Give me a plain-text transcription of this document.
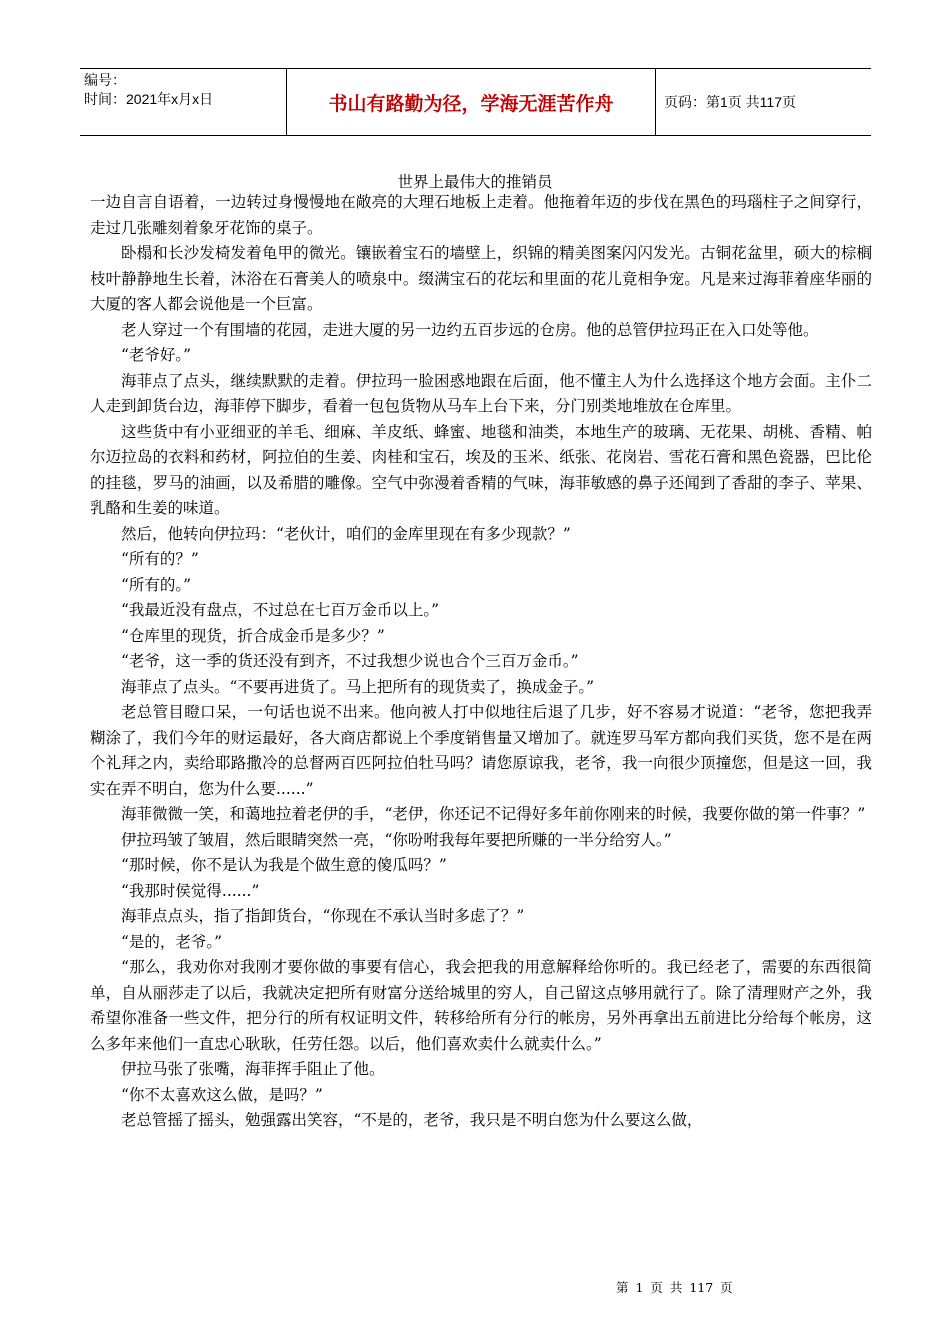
编号：
时间：2021年x月x日	书山有路勤为径，学海无涯苦作舟	页码：第1页 共117页
世界上最伟大的推销员

一边自言自语着，一边转过身慢慢地在敞亮的大理石地板上走着。他拖着年迈的步伐在黑色的玛瑙柱子之间穿行，走过几张雕刻着象牙花饰的桌子。

卧榻和长沙发椅发着龟甲的微光。镶嵌着宝石的墙壁上，织锦的精美图案闪闪发光。古铜花盆里，硕大的棕榈枝叶静静地生长着，沐浴在石膏美人的喷泉中。缀满宝石的花坛和里面的花儿竟相争宠。凡是来过海菲着座华丽的大厦的客人都会说他是一个巨富。

老人穿过一个有围墙的花园，走进大厦的另一边约五百步远的仓房。他的总管伊拉玛正在入口处等他。

“老爷好。”

海菲点了点头，继续默默的走着。伊拉玛一脸困惑地跟在后面，他不懂主人为什么选择这个地方会面。主仆二人走到卸货台边，海菲停下脚步，看着一包包货物从马车上台下来，分门别类地堆放在仓库里。

这些货中有小亚细亚的羊毛、细麻、羊皮纸、蜂蜜、地毯和油类，本地生产的玻璃、无花果、胡桃、香精、帕尔迈拉岛的衣料和药材，阿拉伯的生姜、肉桂和宝石，埃及的玉米、纸张、花岗岩、雪花石膏和黑色瓷器，巴比伦的挂毯，罗马的油画，以及希腊的雕像。空气中弥漫着香精的气味，海菲敏感的鼻子还闻到了香甜的李子、苹果、乳酪和生姜的味道。

然后，他转向伊拉玛：“老伙计，咱们的金库里现在有多少现款？”

“所有的？”

“所有的。”

“我最近没有盘点，不过总在七百万金币以上。”

“仓库里的现货，折合成金币是多少？”

“老爷，这一季的货还没有到齐，不过我想少说也合个三百万金币。”

海菲点了点头。“不要再进货了。马上把所有的现货卖了，换成金子。”

老总管目瞪口呆，一句话也说不出来。他向被人打中似地往后退了几步，好不容易才说道：“老爷，您把我弄糊涂了，我们今年的财运最好，各大商店都说上个季度销售量又增加了。就连罗马军方都向我们买货，您不是在两个礼拜之内，卖给耶路撒冷的总督两百匹阿拉伯牡马吗？请您原谅我，老爷，我一向很少顶撞您，但是这一回，我实在弄不明白，您为什么要......”

海菲微微一笑，和蔼地拉着老伊的手，“老伊，你还记不记得好多年前你刚来的时候，我要你做的第一件事？”

伊拉玛皱了皱眉，然后眼睛突然一亮，“你吩咐我每年要把所赚的一半分给穷人。”

“那时候，你不是认为我是个做生意的傻瓜吗？”

“我那时侯觉得......”

海菲点点头，指了指卸货台，“你现在不承认当时多虑了？”

“是的，老爷。”

“那么，我劝你对我刚才要你做的事要有信心，我会把我的用意解释给你听的。我已经老了，需要的东西很简单，自从丽莎走了以后，我就决定把所有财富分送给城里的穷人，自己留这点够用就行了。除了清理财产之外，我希望你准备一些文件，把分行的所有权证明文件，转移给所有分行的帐房，另外再拿出五前进比分给每个帐房，这么多年来他们一直忠心耿耿，任劳任怨。以后，他们喜欢卖什么就卖什么。”

伊拉马张了张嘴，海菲挥手阻止了他。

“你不太喜欢这么做，是吗？”

老总管摇了摇头，勉强露出笑容，“不是的，老爷，我只是不明白您为什么要这么做，

第 1 页 共 117 页
